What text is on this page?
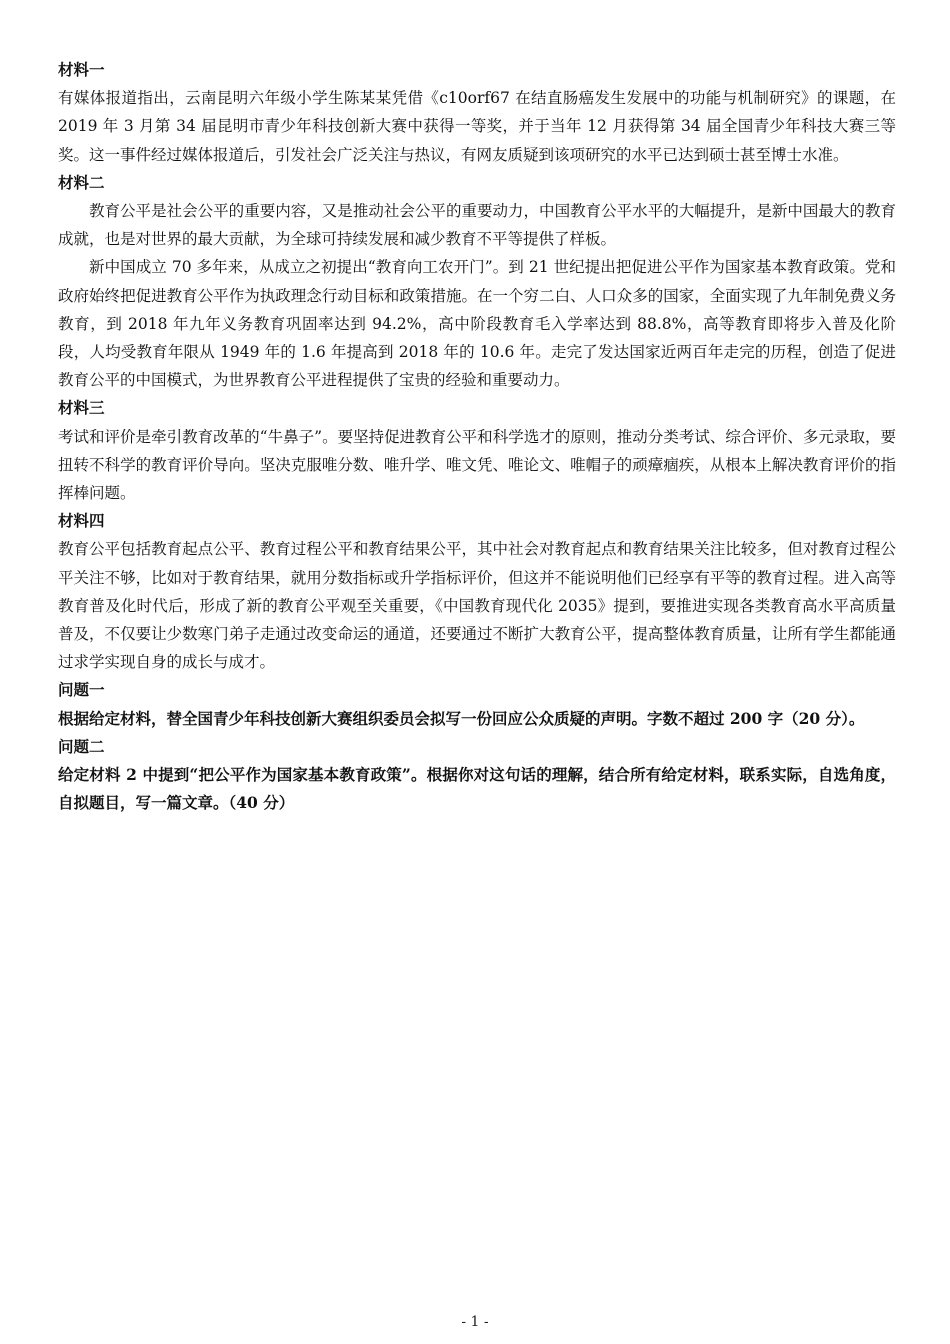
材料一

有媒体报道指出，云南昆明六年级小学生陈某某凭借《c10orf67 在结直肠癌发生发展中的功能与机制研究》的课题，在 2019 年 3 月第 34 届昆明市青少年科技创新大赛中获得一等奖，并于当年 12 月获得第 34 届全国青少年科技大赛三等奖。这一事件经过媒体报道后，引发社会广泛关注与热议，有网友质疑到该项研究的水平已达到硕士甚至博士水准。

材料二

教育公平是社会公平的重要内容，又是推动社会公平的重要动力，中国教育公平水平的大幅提升，是新中国最大的教育成就，也是对世界的最大贡献，为全球可持续发展和减少教育不平等提供了样板。

新中国成立 70 多年来，从成立之初提出“教育向工农开门”。到 21 世纪提出把促进公平作为国家基本教育政策。党和政府始终把促进教育公平作为执政理念行动目标和政策措施。在一个穷二白、人口众多的国家，全面实现了九年制免费义务教育，到 2018 年九年义务教育巩固率达到 94.2%，高中阶段教育毛入学率达到 88.8%，高等教育即将步入普及化阶段，人均受教育年限从 1949 年的 1.6 年提高到 2018 年的 10.6 年。走完了发达国家近两百年走完的历程，创造了促进教育公平的中国模式，为世界教育公平进程提供了宝贵的经验和重要动力。

材料三

考试和评价是牵引教育改革的“牛鼻子”。要坚持促进教育公平和科学选才的原则，推动分类考试、综合评价、多元录取，要扭转不科学的教育评价导向。坚决克服唯分数、唯升学、唯文凭、唯论文、唯帽子的顽瘴痼疾，从根本上解决教育评价的指挥棒问题。

材料四

教育公平包括教育起点公平、教育过程公平和教育结果公平，其中社会对教育起点和教育结果关注比较多，但对教育过程公平关注不够，比如对于教育结果，就用分数指标或升学指标评价，但这并不能说明他们已经享有平等的教育过程。进入高等教育普及化时代后，形成了新的教育公平观至关重要，《中国教育现代化 2035》提到，要推进实现各类教育高水平高质量普及，不仅要让少数寒门弟子走通过改变命运的通道，还要通过不断扩大教育公平，提高整体教育质量，让所有学生都能通过求学实现自身的成长与成才。

问题一

根据给定材料，替全国青少年科技创新大赛组织委员会拟写一份回应公众质疑的声明。字数不超过 200 字（20 分）。

问题二

给定材料 2 中提到“把公平作为国家基本教育政策”。根据你对这句话的理解，结合所有给定材料，联系实际，自选角度，自拟题目，写一篇文章。（40 分）

- 1 -
